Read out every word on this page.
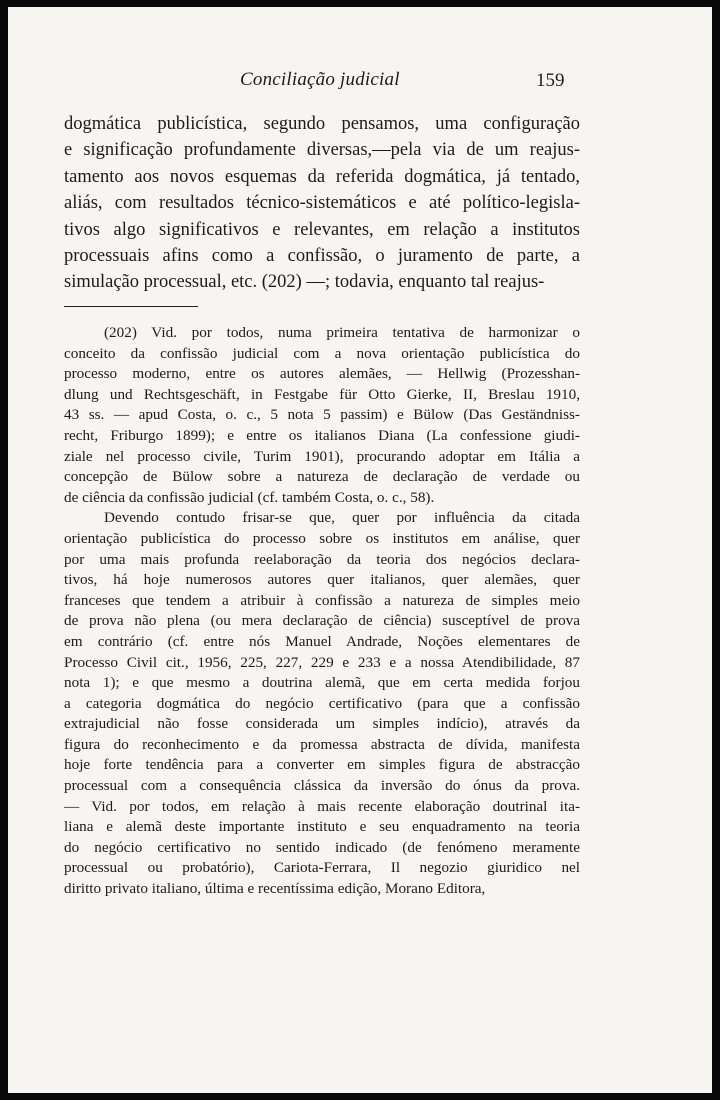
Conciliação judicial	159
dogmática publicística, segundo pensamos, uma configuração
e significação profundamente diversas,—pela via de um reajus-
tamento aos novos esquemas da referida dogmática, já tentado,
aliás, com resultados técnico-sistemáticos e até político-legisla-
tivos algo significativos e relevantes, em relação a institutos
processuais afins como a confissão, o juramento de parte, a
simulação processual, etc. (202) —; todavia, enquanto tal reajus-
(202) Vid. por todos, numa primeira tentativa de harmonizar o
conceito da confissão judicial com a nova orientação publicística do
processo moderno, entre os autores alemães, — Hellwig (Prozesshan-
dlung und Rechtsgeschäft, in Festgabe für Otto Gierke, II, Breslau 1910,
43 ss. — apud Costa, o. c., 5 nota 5 passim) e Bülow (Das Geständniss-
recht, Friburgo 1899); e entre os italianos Diana (La confessione giudi-
ziale nel processo civile, Turim 1901), procurando adoptar em Itália a
concepção de Bülow sobre a natureza de declaração de verdade ou
de ciência da confissão judicial (cf. também Costa, o. c., 58).
Devendo contudo frisar-se que, quer por influência da citada
orientação publicística do processo sobre os institutos em análise, quer
por uma mais profunda reelaboração da teoria dos negócios declara-
tivos, há hoje numerosos autores quer italianos, quer alemães, quer
franceses que tendem a atribuir à confissão a natureza de simples meio
de prova não plena (ou mera declaração de ciência) susceptível de prova
em contrário (cf. entre nós Manuel Andrade, Noções elementares de
Processo Civil cit., 1956, 225, 227, 229 e 233 e a nossa Atendibilidade, 87
nota 1); e que mesmo a doutrina alemã, que em certa medida forjou
a categoria dogmática do negócio certificativo (para que a confissão
extrajudicial não fosse considerada um simples indício), através da
figura do reconhecimento e da promessa abstracta de dívida, manifesta
hoje forte tendência para a converter em simples figura de abstracção
processual com a consequência clássica da inversão do ónus da prova.
— Vid. por todos, em relação à mais recente elaboração doutrinal ita-
liana e alemã deste importante instituto e seu enquadramento na teoria
do negócio certificativo no sentido indicado (de fenómeno meramente
processual ou probatório), Cariota-Ferrara, Il negozio giuridico nel
diritto privato italiano, última e recentíssima edição, Morano Editora,
